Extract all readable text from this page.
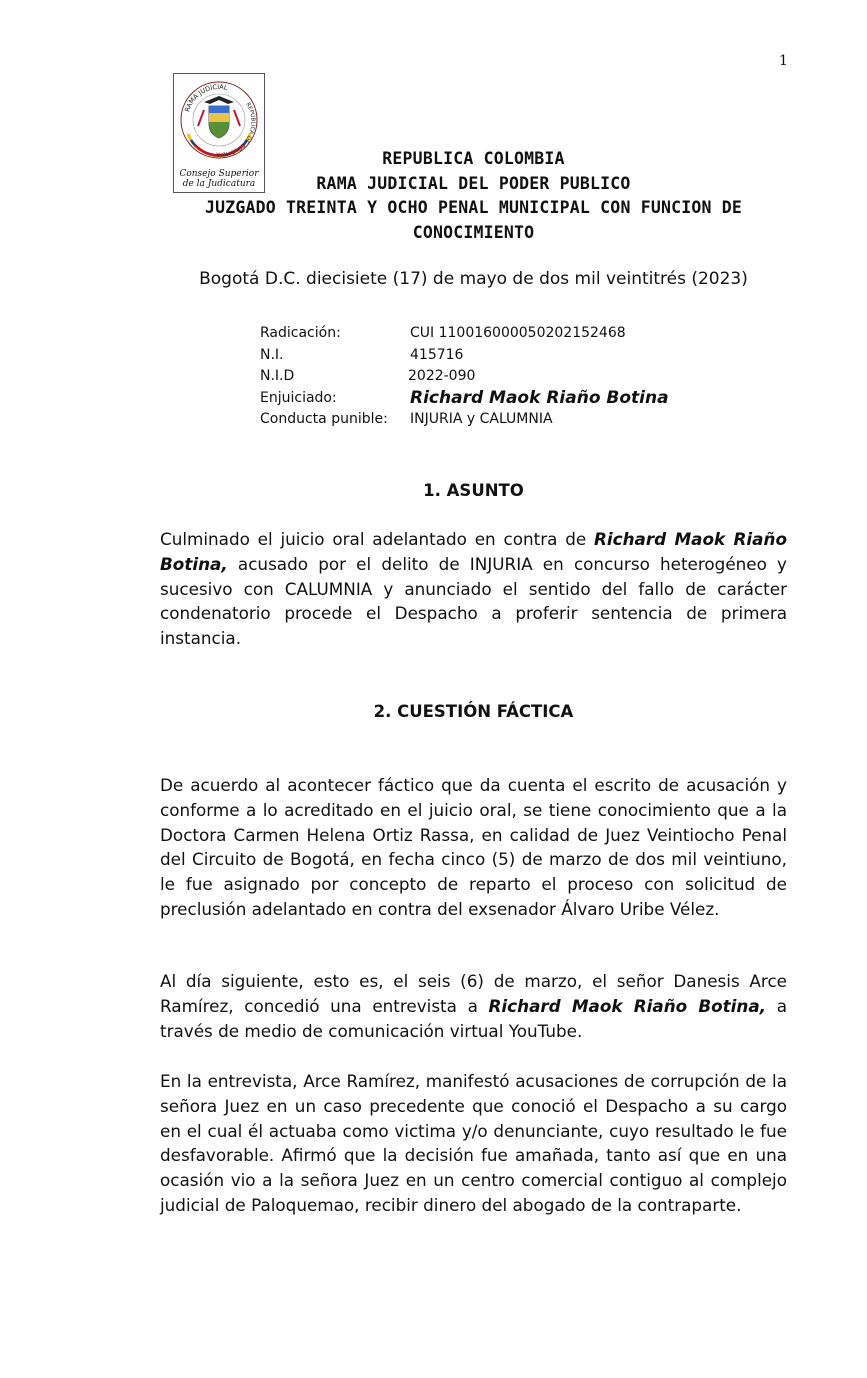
1
RAMA JUDICIAL
REPÚBLICA DE COLOMBIA
Consejo Superior
de la Judicatura
REPUBLICA COLOMBIA
RAMA JUDICIAL DEL PODER PUBLICO
JUZGADO TREINTA Y OCHO PENAL MUNICIPAL CON FUNCION DE
CONOCIMIENTO
Bogotá D.C. diecisiete (17) de mayo de dos mil veintitrés (2023)
Radicación:	CUI 110016000050202152468
N.I.	415716
N.I.D	2022-090
Enjuiciado:	Richard Maok Riaño Botina
Conducta punible:	INJURIA y CALUMNIA
1. ASUNTO
Culminado el juicio oral adelantado en contra de Richard Maok Riaño Botina, acusado por el delito de INJURIA en concurso heterogéneo y sucesivo con CALUMNIA y anunciado el sentido del fallo de carácter condenatorio procede el Despacho a proferir sentencia de primera instancia.
2. CUESTIÓN FÁCTICA
De acuerdo al acontecer fáctico que da cuenta el escrito de acusación y conforme a lo acreditado en el juicio oral, se tiene conocimiento que a la Doctora Carmen Helena Ortiz Rassa, en calidad de Juez Veintiocho Penal del Circuito de Bogotá, en fecha cinco (5) de marzo de dos mil veintiuno, le fue asignado por concepto de reparto el proceso con solicitud de preclusión adelantado en contra del exsenador Álvaro Uribe Vélez.
Al día siguiente, esto es, el seis (6) de marzo, el señor Danesis Arce Ramírez, concedió una entrevista a Richard Maok Riaño Botina, a través de medio de comunicación virtual YouTube.
En la entrevista, Arce Ramírez, manifestó acusaciones de corrupción de la señora Juez en un caso precedente que conoció el Despacho a su cargo en el cual él actuaba como victima y/o denunciante, cuyo resultado le fue desfavorable. Afirmó que la decisión fue amañada, tanto así que en una ocasión vio a la señora Juez en un centro comercial contiguo al complejo judicial de Paloquemao, recibir dinero del abogado de la contraparte.
